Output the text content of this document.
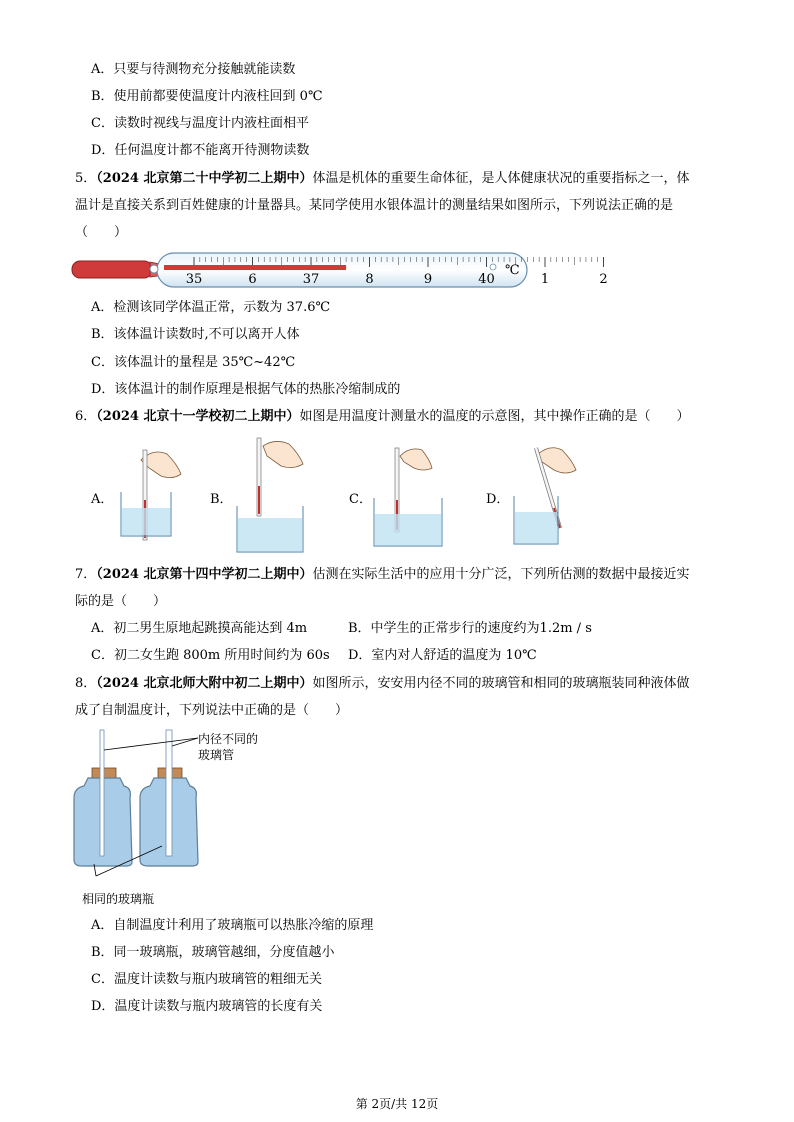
A．只要与待测物充分接触就能读数
B．使用前都要使温度计内液柱回到 0℃
C．读数时视线与温度计内液柱面相平
D．任何温度计都不能离开待测物读数
5．（2024 北京第二十中学初二上期中）体温是机体的重要生命体征，是人体健康状况的重要指标之一，体
温计是直接关系到百姓健康的计量器具。某同学使用水银体温计的测量结果如图所示，下列说法正确的是
（　　）
35	6	37	8	9	40	1	2
℃
A．检测该同学体温正常，示数为 37.6℃
B．该体温计读数时,不可以离开人体
C．该体温计的量程是 35℃~42℃
D．该体温计的制作原理是根据气体的热胀冷缩制成的
6．（2024 北京十一学校初二上期中）如图是用温度计测量水的温度的示意图，其中操作正确的是（　　）
A．	B．	C．	D．
7．（2024 北京第十四中学初二上期中）估测在实际生活中的应用十分广泛，下列所估测的数据中最接近实
际的是（　　）
A．初二男生原地起跳摸高能达到 4m	B．中学生的正常步行的速度约为1.2m / s
C．初二女生跑 800m 所用时间约为 60s D．室内对人舒适的温度为 10℃
8．（2024 北京北师大附中初二上期中）如图所示，安安用内径不同的玻璃管和相同的玻璃瓶装同种液体做
成了自制温度计，下列说法中正确的是（　　）
内径不同的
玻璃管
相同的玻璃瓶
A．自制温度计利用了玻璃瓶可以热胀冷缩的原理
B．同一玻璃瓶，玻璃管越细，分度值越小
C．温度计读数与瓶内玻璃管的粗细无关
D．温度计读数与瓶内玻璃管的长度有关
第 2页/共 12页
